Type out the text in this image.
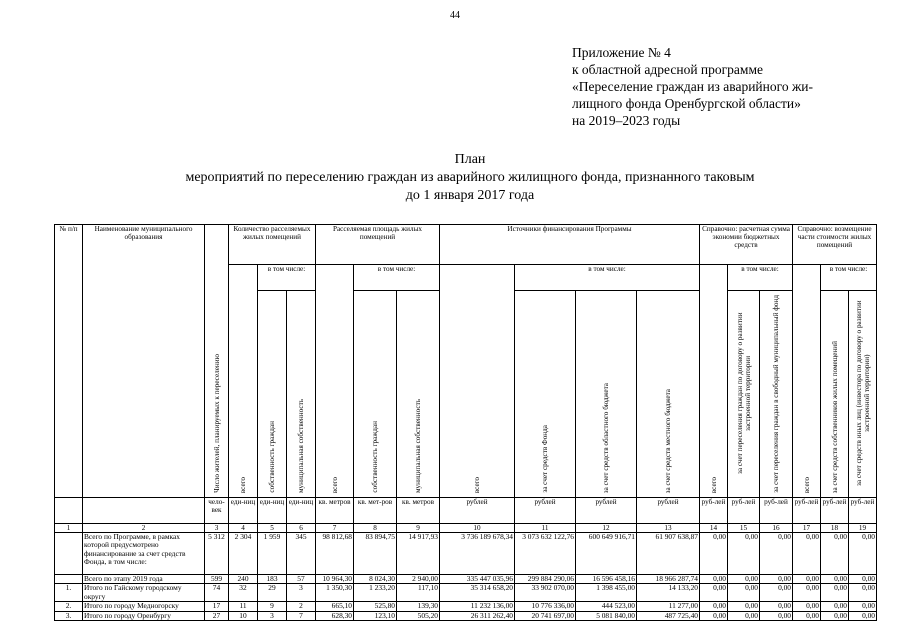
44
Приложение № 4
к областной адресной программе
«Переселение граждан из аварийного жи-
лищного фонда Оренбургской области»
на 2019–2023 годы
План
мероприятий по переселению граждан из аварийного жилищного фонда, признанного таковым
до 1 января 2017 года
№ п/п	Наименование муниципального образования	Число жителей, планируемых к переселению	Количество расселяемых жилых помещений			Расселяемая площадь жилых помещений			Источники финансирования Программы				Справочно: расчетная сумма экономии бюджетных средств			Справочно: возмещение части стоимости жилых помещений		
			всего	в том числе:		всего	в том числе:		всего	в том числе:			всего	в том числе:		всего	в том числе:	
				собственность граждан	муниципальная собственность		собственность граждан	муниципальная собственность		за счет средств Фонда	за счет средств областного бюджета	за счет средств местного бюджета		за счет переселения граждан по договору о развитии застроенной территории	за счет переселения граждан в свободный муниципальный фонд		за счет средств собственников жилых помещений	за счет средств иных лиц (инвестора по договору о развитии застроенной территории)
		чело-век	еди-ниц	еди-ниц	еди-ниц	кв. метров	кв. мет-ров	кв. метров	рублей	рублей	рублей	рублей	руб-лей	руб-лей	руб-лей	руб-лей	руб-лей	руб-лей
1	2	3	4	5	6	7	8	9	10	11	12	13	14	15	16	17	18	19
	Всего по Программе, в рамках которой предусмотрено финансирование за счет средств Фонда, в том числе:	5 312	2 304	1 959	345	98 812,68	83 894,75	14 917,93	3 736 189 678,34	3 073 632 122,76	600 649 916,71	61 907 638,87	0,00	0,00	0,00	0,00	0,00	0,00
	Всего по этапу 2019 года	599	240	183	57	10 964,30	8 024,30	2 940,00	335 447 035,96	299 884 290,06	16 596 458,16	18 966 287,74	0,00	0,00	0,00	0,00	0,00	0,00
1.	Итого по Гайскому городскому округу	74	32	29	3	1 350,30	1 233,20	117,10	35 314 658,20	33 902 070,00	1 398 455,00	14 133,20	0,00	0,00	0,00	0,00	0,00	0,00
2.	Итого по городу Медногорску	17	11	9	2	665,10	525,80	139,30	11 232 136,00	10 776 336,00	444 523,00	11 277,00	0,00	0,00	0,00	0,00	0,00	0,00
3.	Итого по городу Оренбургу	27	10	3	7	628,30	123,10	505,20	26 311 262,40	20 741 697,00	5 081 840,00	487 725,40	0,00	0,00	0,00	0,00	0,00	0,00
